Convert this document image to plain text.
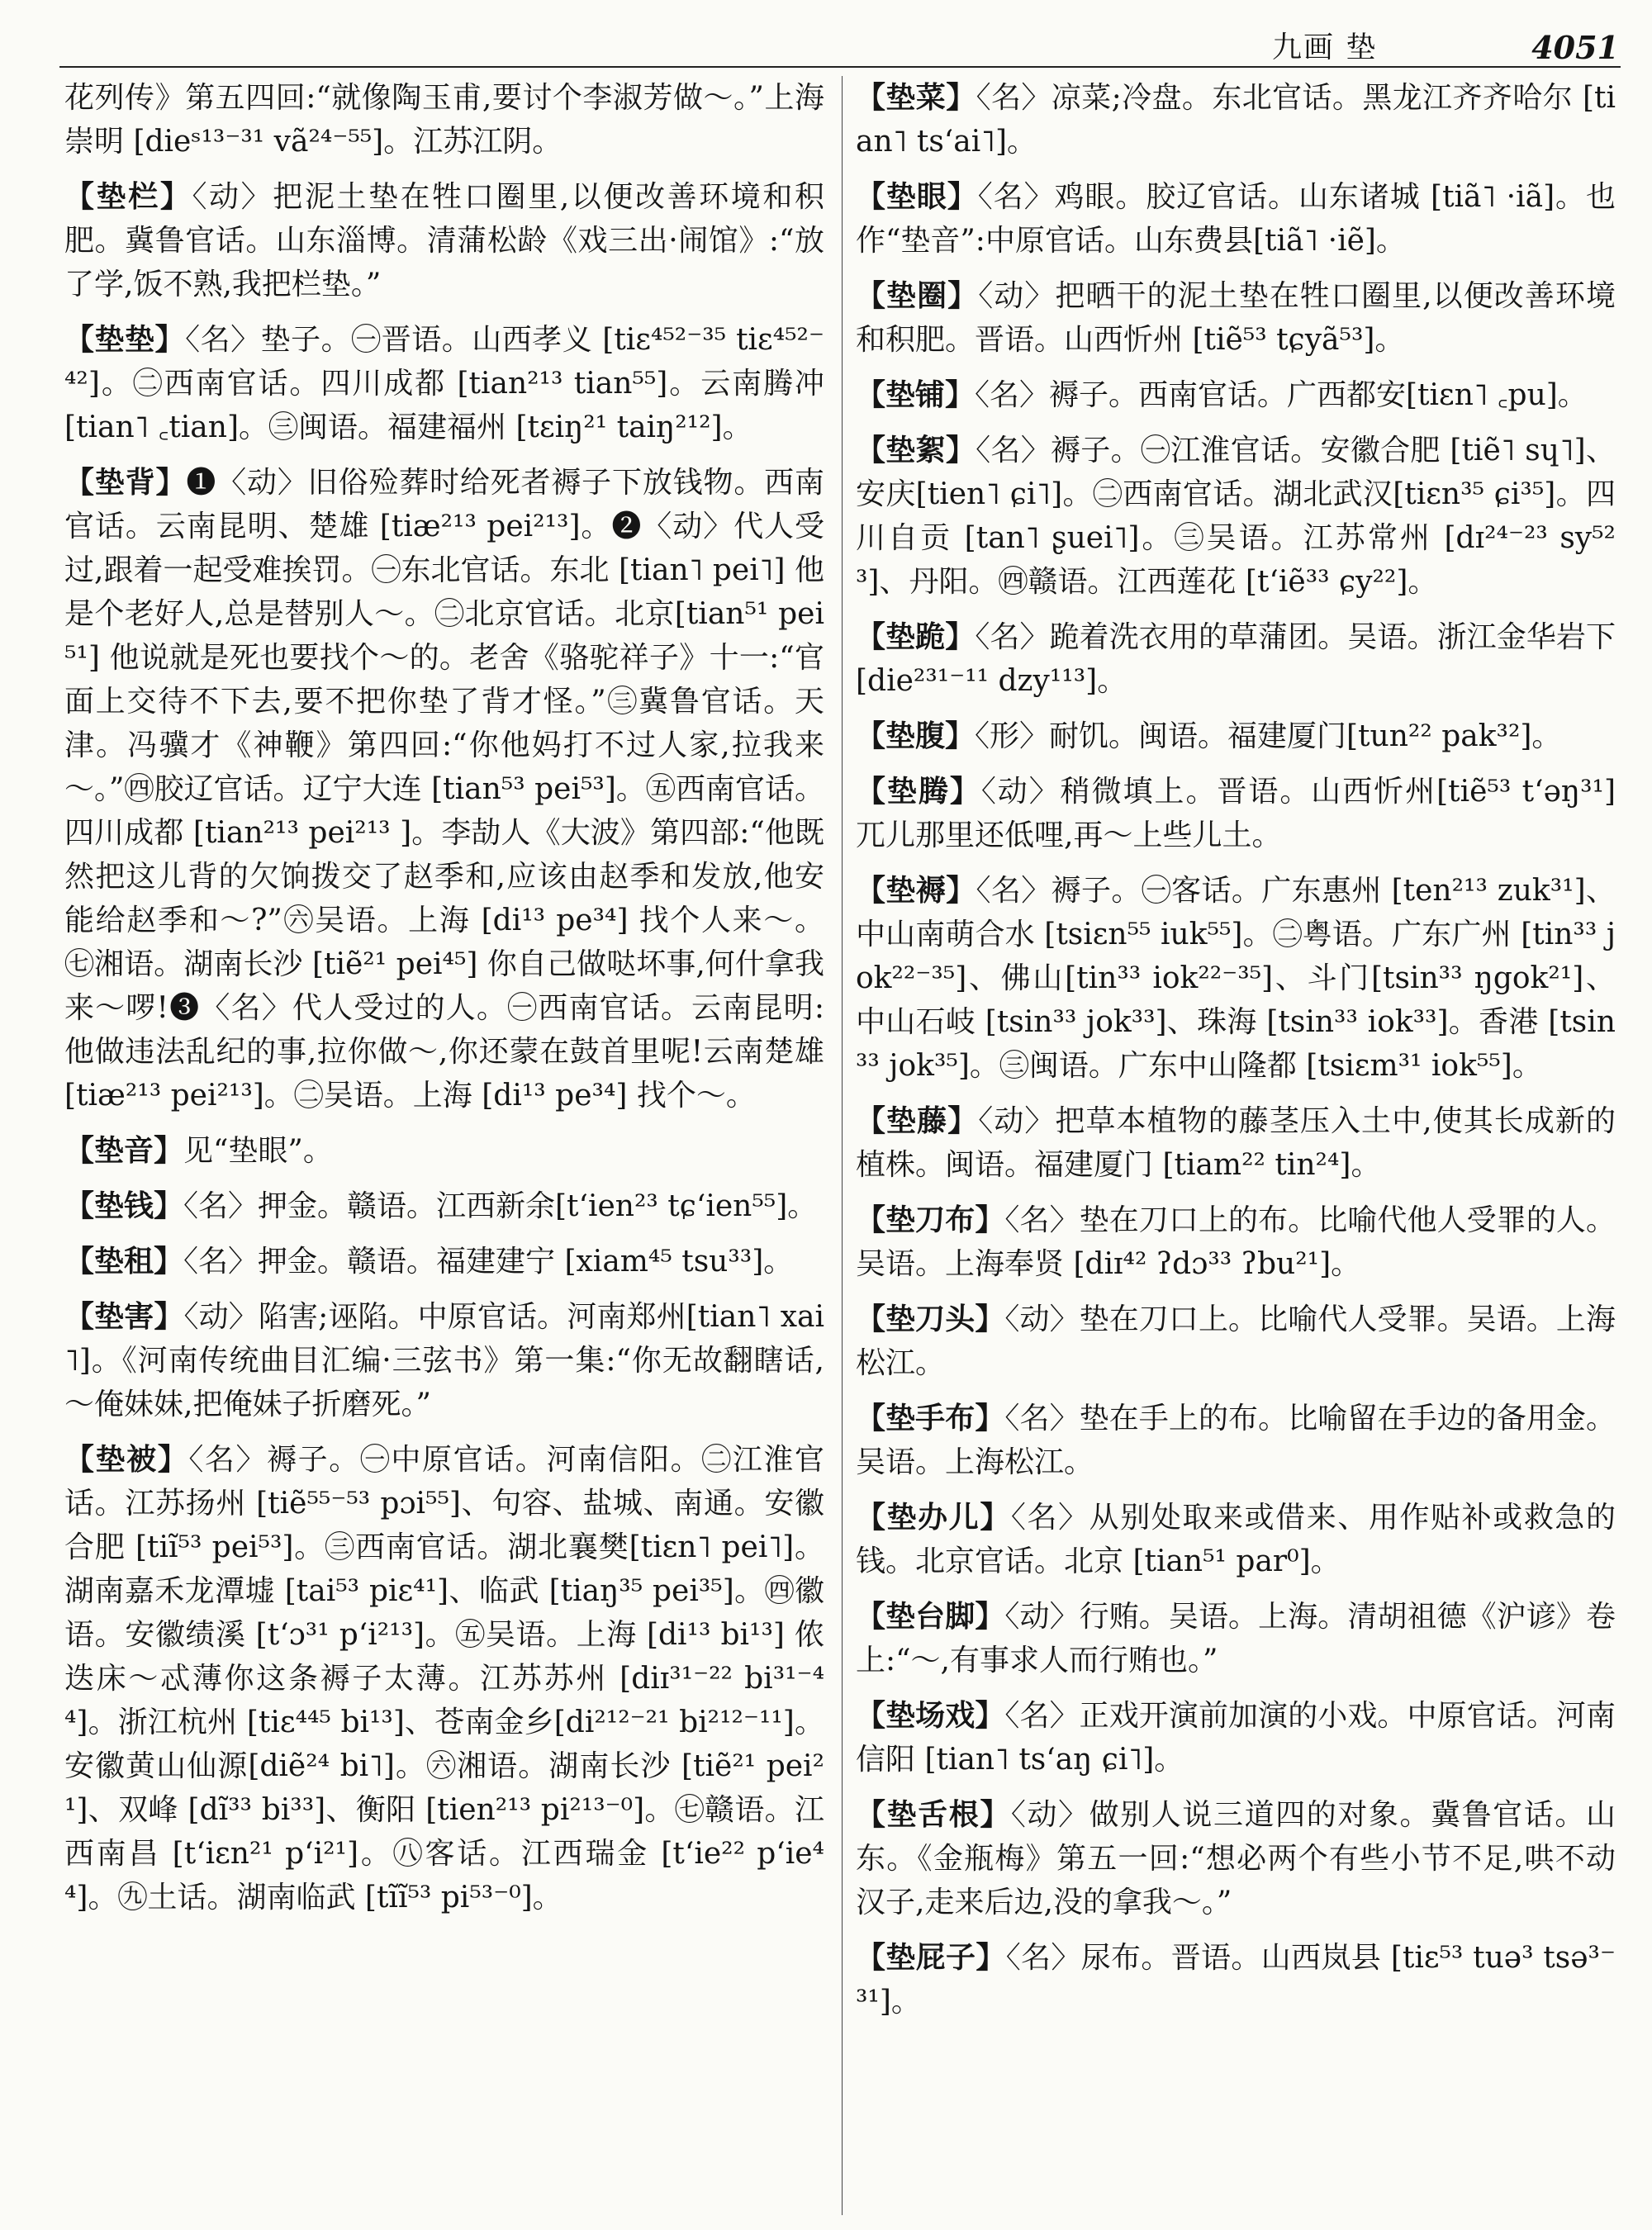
九画 垫	4051

花列传》第五四回:“就像陶玉甫,要讨个李淑芳做～。”上海崇明 [dieˢ¹³⁻³¹ vã²⁴⁻⁵⁵]。江苏江阴。

【垫栏】〈动〉把泥土垫在牲口圈里,以便改善环境和积肥。冀鲁官话。山东淄博。清蒲松龄《戏三出·闹馆》:“放了学,饭不熟,我把栏垫。”

【垫垫】〈名〉垫子。㊀晋语。山西孝义 [tiɛ⁴⁵²⁻³⁵ tiɛ⁴⁵²⁻⁴²]。㊁西南官话。四川成都 [tian²¹³ tian⁵⁵]。云南腾冲 [tian˥ ꜀tian]。㊂闽语。福建福州 [tɛiŋ²¹ taiŋ²¹²]。

【垫背】❶〈动〉旧俗殓葬时给死者褥子下放钱物。西南官话。云南昆明、楚雄 [tiæ²¹³ pei²¹³]。❷〈动〉代人受过,跟着一起受难挨罚。㊀东北官话。东北 [tian˥ pei˥] 他是个老好人,总是替别人～。㊁北京官话。北京[tian⁵¹ pei⁵¹] 他说就是死也要找个～的。老舍《骆驼祥子》十一:“官面上交待不下去,要不把你垫了背才怪。”㊂冀鲁官话。天津。冯骥才《神鞭》第四回:“你他妈打不过人家,拉我来～。”㊃胶辽官话。辽宁大连 [tian⁵³ pei⁵³]。㊄西南官话。四川成都 [tian²¹³ pei²¹³ ]。李劼人《大波》第四部:“他既然把这儿背的欠饷拨交了赵季和,应该由赵季和发放,他安能给赵季和～?”㊅吴语。上海 [di¹³ pe³⁴] 找个人来～。㊆湘语。湖南长沙 [tiẽ²¹ pei⁴⁵] 你自己做哒坏事,何什拿我来～啰!❸〈名〉代人受过的人。㊀西南官话。云南昆明:他做违法乱纪的事,拉你做～,你还蒙在鼓首里呢!云南楚雄 [tiæ²¹³ pei²¹³]。㊁吴语。上海 [di¹³ pe³⁴] 找个～。

【垫音】见“垫眼”。

【垫钱】〈名〉押金。赣语。江西新余[tʻien²³ tɕʻien⁵⁵]。

【垫租】〈名〉押金。赣语。福建建宁 [xiam⁴⁵ tsu³³]。

【垫害】〈动〉陷害;诬陷。中原官话。河南郑州[tian˥ xai˥]。《河南传统曲目汇编·三弦书》第一集:“你无故翻瞎话,～俺妹妹,把俺妹子折磨死。”

【垫被】〈名〉褥子。㊀中原官话。河南信阳。㊁江淮官话。江苏扬州 [tiẽ⁵⁵⁻⁵³ pɔi⁵⁵]、句容、盐城、南通。安徽合肥 [tiĩ⁵³ pei⁵³]。㊂西南官话。湖北襄樊[tiɛn˥ pei˥]。湖南嘉禾龙潭墟 [tai⁵³ piɛ⁴¹]、临武 [tiaŋ³⁵ pei³⁵]。㊃徽语。安徽绩溪 [tʻɔ³¹ pʻi²¹³]。㊄吴语。上海 [di¹³ bi¹³] 侬迭床～忒薄你这条褥子太薄。江苏苏州 [diɪ³¹⁻²² bi³¹⁻⁴⁴]。浙江杭州 [tiɛ⁴⁴⁵ bi¹³]、苍南金乡[di²¹²⁻²¹ bi²¹²⁻¹¹]。安徽黄山仙源[diẽ²⁴ bi˥]。㊅湘语。湖南长沙 [tiẽ²¹ pei²¹]、双峰 [dĩ³³ bi³³]、衡阳 [tien²¹³ pi²¹³⁻⁰]。㊆赣语。江西南昌 [tʻiɛn²¹ pʻi²¹]。㊇客话。江西瑞金 [tʻie²² pʻie⁴⁴]。㊈土话。湖南临武 [tĩĩ⁵³ pi⁵³⁻⁰]。

【垫菜】〈名〉凉菜;冷盘。东北官话。黑龙江齐齐哈尔 [tian˥ tsʻai˥]。

【垫眼】〈名〉鸡眼。胶辽官话。山东诸城 [tiã˥ ·iã]。也作“垫音”:中原官话。山东费县[tiã˥ ·iẽ]。

【垫圈】〈动〉把晒干的泥土垫在牲口圈里,以便改善环境和积肥。晋语。山西忻州 [tiẽ⁵³ tɕyã⁵³]。

【垫铺】〈名〉褥子。西南官话。广西都安[tiɛn˥ ꜀pu]。

【垫絮】〈名〉褥子。㊀江淮官话。安徽合肥 [tiẽ˥ sɥ˥]、安庆[tien˥ ɕi˥]。㊁西南官话。湖北武汉[tiɛn³⁵ ɕi³⁵]。四川自贡 [tan˥ ʂuei˥]。㊂吴语。江苏常州 [dɪ²⁴⁻²³ sy⁵²³]、丹阳。㊃赣语。江西莲花 [tʻiẽ³³ ɕy²²]。

【垫跪】〈名〉跪着洗衣用的草蒲团。吴语。浙江金华岩下 [die²³¹⁻¹¹ dzy¹¹³]。

【垫腹】〈形〉耐饥。闽语。福建厦门[tun²² pak³²]。

【垫腾】〈动〉稍微填上。晋语。山西忻州[tiẽ⁵³ tʻəŋ³¹] 兀儿那里还低哩,再～上些儿土。

【垫褥】〈名〉褥子。㊀客话。广东惠州 [ten²¹³ zuk³¹]、中山南萌合水 [tsiɛn⁵⁵ iuk⁵⁵]。㊁粤语。广东广州 [tin³³ jok²²⁻³⁵]、佛山[tin³³ iok²²⁻³⁵]、斗门[tsin³³ ŋgok²¹]、中山石岐 [tsin³³ jok³³]、珠海 [tsin³³ iok³³]。香港 [tsin³³ jok³⁵]。㊂闽语。广东中山隆都 [tsiɛm³¹ iok⁵⁵]。

【垫藤】〈动〉把草本植物的藤茎压入土中,使其长成新的植株。闽语。福建厦门 [tiam²² tin²⁴]。

【垫刀布】〈名〉垫在刀口上的布。比喻代他人受罪的人。吴语。上海奉贤 [diɪ⁴² ʔdɔ³³ ʔbu²¹]。

【垫刀头】〈动〉垫在刀口上。比喻代人受罪。吴语。上海松江。

【垫手布】〈名〉垫在手上的布。比喻留在手边的备用金。吴语。上海松江。

【垫办儿】〈名〉从别处取来或借来、用作贴补或救急的钱。北京官话。北京 [tian⁵¹ par⁰]。

【垫台脚】〈动〉行贿。吴语。上海。清胡祖德《沪谚》卷上:“～,有事求人而行贿也。”

【垫场戏】〈名〉正戏开演前加演的小戏。中原官话。河南信阳 [tian˥ tsʻaŋ ɕi˥]。

【垫舌根】〈动〉做别人说三道四的对象。冀鲁官话。山东。《金瓶梅》第五一回:“想必两个有些小节不足,哄不动汉子,走来后边,没的拿我～。”

【垫屁子】〈名〉尿布。晋语。山西岚县 [tiɛ⁵³ tuə³ tsə³⁻³¹]。
